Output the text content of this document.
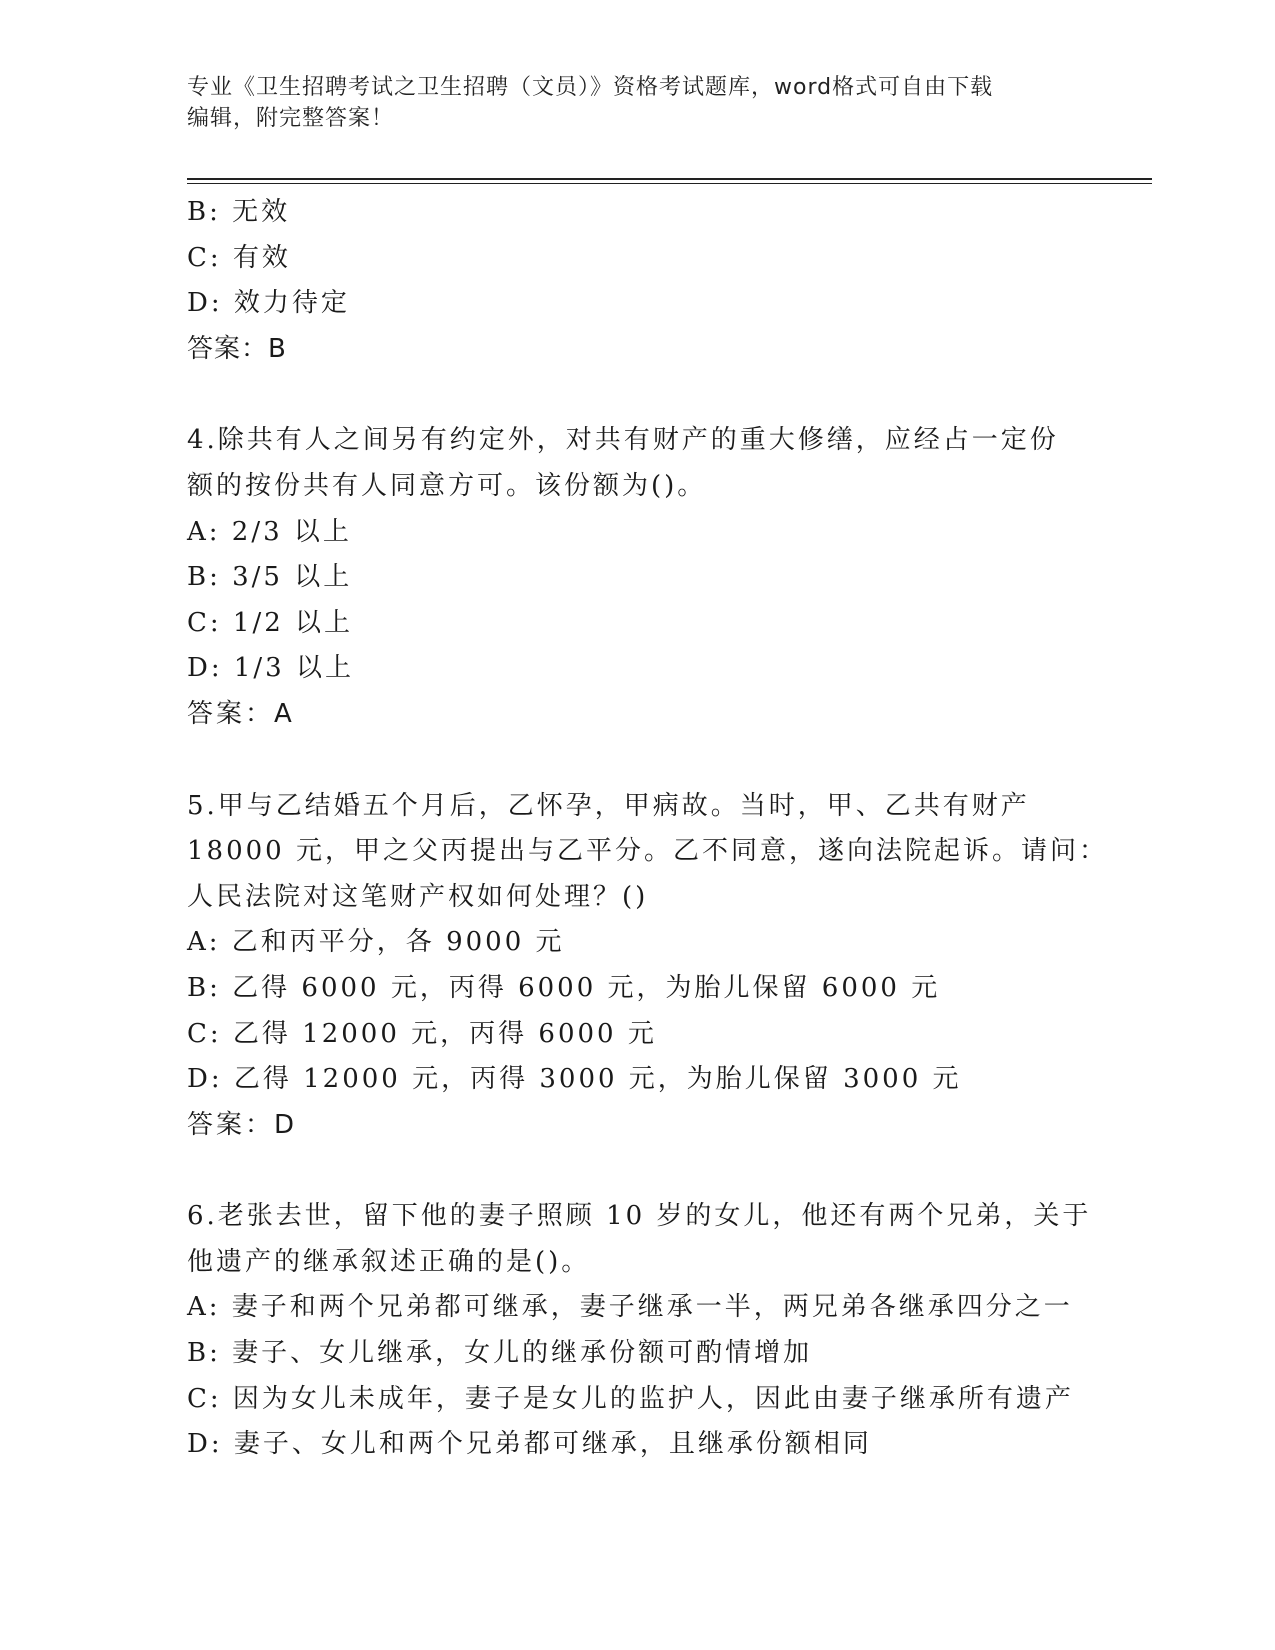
专业《卫生招聘考试之卫生招聘（文员）》资格考试题库，word格式可自由下载
编辑，附完整答案！
B: 无效
C: 有效
D: 效力待定
答案：B
4.除共有人之间另有约定外，对共有财产的重大修缮，应经占一定份
额的按份共有人同意方可。该份额为()。
A: 2/3 以上
B: 3/5 以上
C: 1/2 以上
D: 1/3 以上
答案：A
5.甲与乙结婚五个月后，乙怀孕，甲病故。当时，甲、乙共有财产
18000 元，甲之父丙提出与乙平分。乙不同意，遂向法院起诉。请问：
人民法院对这笔财产权如何处理？()
A: 乙和丙平分，各 9000 元
B: 乙得 6000 元，丙得 6000 元，为胎儿保留 6000 元
C: 乙得 12000 元，丙得 6000 元
D: 乙得 12000 元，丙得 3000 元，为胎儿保留 3000 元
答案：D
6.老张去世，留下他的妻子照顾 10 岁的女儿，他还有两个兄弟，关于
他遗产的继承叙述正确的是()。
A: 妻子和两个兄弟都可继承，妻子继承一半，两兄弟各继承四分之一
B: 妻子、女儿继承，女儿的继承份额可酌情增加
C: 因为女儿未成年，妻子是女儿的监护人，因此由妻子继承所有遗产
D: 妻子、女儿和两个兄弟都可继承，且继承份额相同
